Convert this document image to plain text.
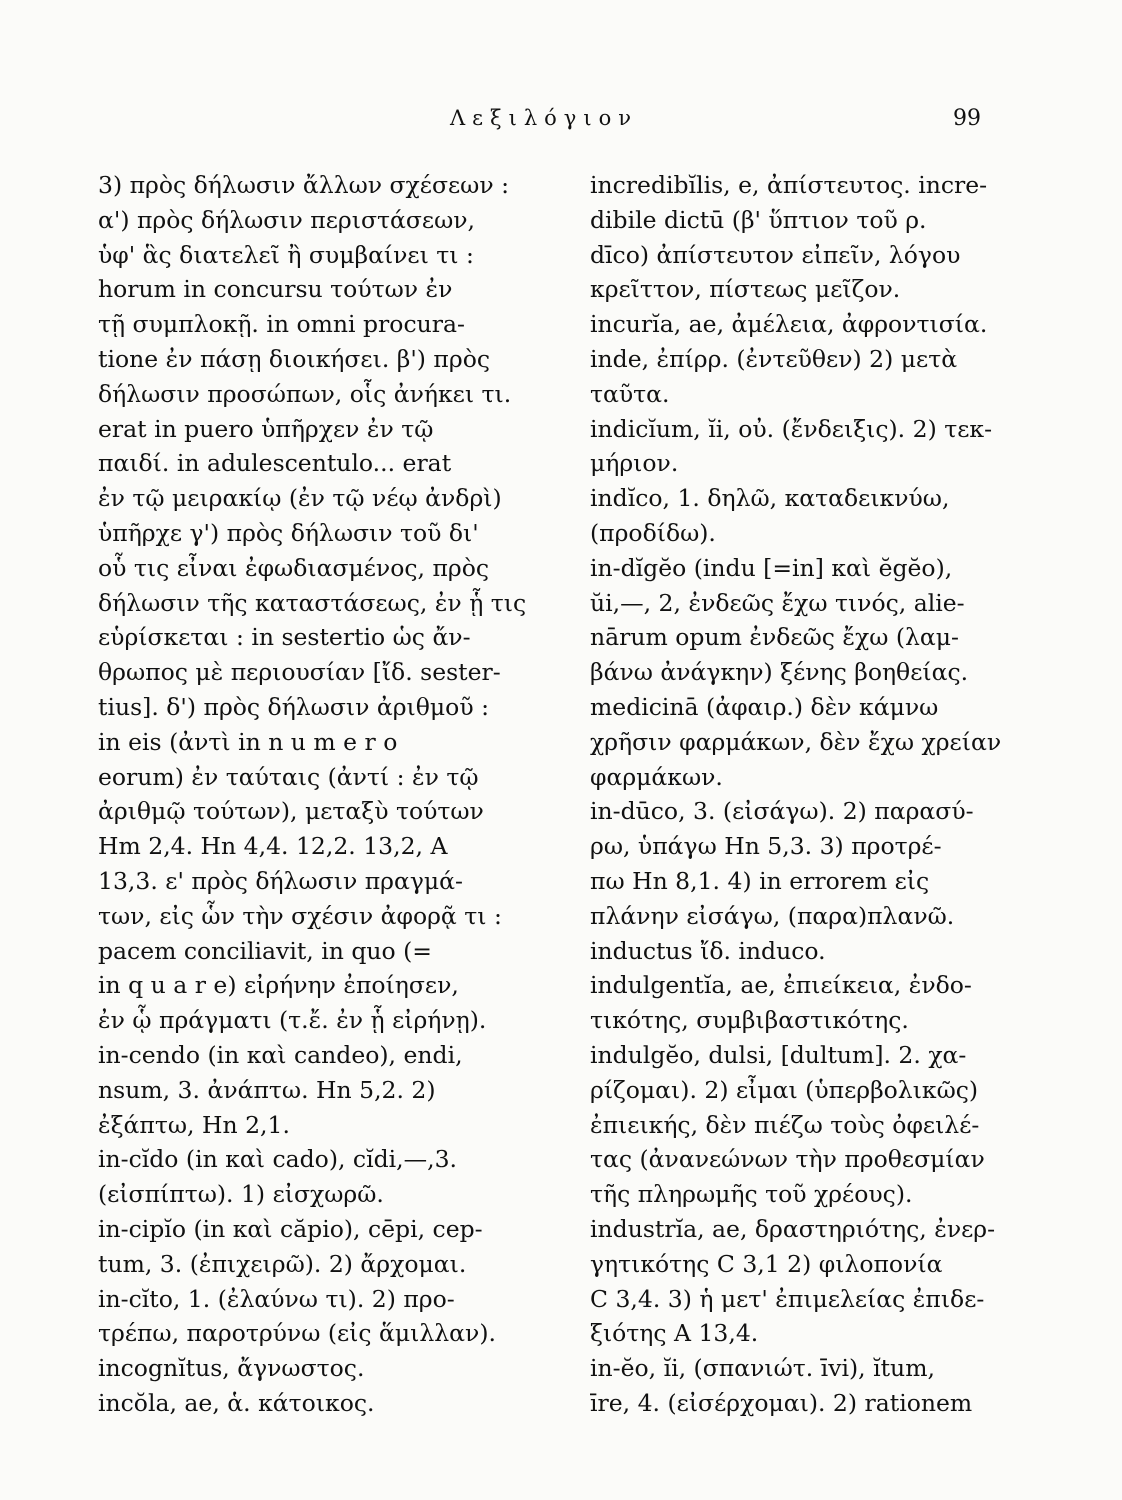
Λεξιλόγιον	99
3) πρὸς δήλωσιν ἄλλων σχέσεων :
α') πρὸς δήλωσιν περιστάσεων,
ὑφ' ἃς διατελεῖ ἢ συμβαίνει τι :
horum in concursu τούτων ἐν
τῇ συμπλοκῇ. in omni procura-
tione ἐν πάσῃ διοικήσει. β') πρὸς
δήλωσιν προσώπων, οἷς ἀνήκει τι.
erat in puero ὑπῆρχεν ἐν τῷ
παιδί. in adulescentulo... erat
ἐν τῷ μειρακίῳ (ἐν τῷ νέῳ ἀνδρὶ)
ὑπῆρχε γ') πρὸς δήλωσιν τοῦ δι'
οὗ τις εἶναι ἐφωδιασμένος, πρὸς
δήλωσιν τῆς καταστάσεως, ἐν ᾗ τις
εὑρίσκεται : in sestertio ὡς ἄν-
θρωπος μὲ περιουσίαν [ἴδ. sester-
tius]. δ') πρὸς δήλωσιν ἀριθμοῦ :
in eis (ἀντὶ in n u m e r o
eorum) ἐν ταύταις (ἀντί : ἐν τῷ
ἀριθμῷ τούτων), μεταξὺ τούτων
Hm 2,4. Hn 4,4. 12,2. 13,2, A
13,3. ε' πρὸς δήλωσιν πραγμά-
των, εἰς ὧν τὴν σχέσιν ἀφορᾷ τι :
pacem conciliavit, in quo (=
in q u a r e) εἰρήνην ἐποίησεν,
ἐν ᾧ πράγματι (τ.ἔ. ἐν ᾗ εἰρήνῃ).
in-cendo (in καὶ candeo), endi,
nsum, 3. ἀνάπτω. Hn 5,2. 2)
ἐξάπτω, Hn 2,1.
in-cĭdo (in καὶ cado), cĭdi,—,3.
(εἰσπίπτω). 1) εἰσχωρῶ.
in-cipĭo (in καὶ căpio), cēpi, cep-
tum, 3. (ἐπιχειρῶ). 2) ἄρχομαι.
in-cĭto, 1. (ἐλαύνω τι). 2) προ-
τρέπω, παροτρύνω (εἰς ἅμιλλαν).
incognĭtus, ἄγνωστος.
incŏla, ae, ἁ. κάτοικος.
incredibĭlis, e, ἀπίστευτος. incre-
dibile dictū (β' ὕπτιον τοῦ ρ.
dīco) ἀπίστευτον εἰπεῖν, λόγου
κρεῖττον, πίστεως μεῖζον.
incurĭa, ae, ἀμέλεια, ἀφροντισία.
inde, ἐπίρρ. (ἐντεῦθεν) 2) μετὰ
ταῦτα.
indicĭum, ĭi, οὐ. (ἔνδειξις). 2) τεκ-
μήριον.
indĭco, 1. δηλῶ, καταδεικνύω,
(προδίδω).
in-dĭgĕo (indu [=in] καὶ ĕgĕo),
ŭi,—, 2, ἐνδεῶς ἔχω τινός, alie-
nārum opum ἐνδεῶς ἔχω (λαμ-
βάνω ἀνάγκην) ξένης βοηθείας.
medicinā (ἀφαιρ.) δὲν κάμνω
χρῆσιν φαρμάκων, δὲν ἔχω χρείαν
φαρμάκων.
in-dūco, 3. (εἰσάγω). 2) παρασύ-
ρω, ὑπάγω Hn 5,3. 3) προτρέ-
πω Hn 8,1. 4) in errorem εἰς
πλάνην εἰσάγω, (παρα)πλανῶ.
inductus ἴδ. induco.
indulgentĭa, ae, ἐπιείκεια, ἐνδο-
τικότης, συμβιβαστικότης.
indulgĕo, dulsi, [dultum]. 2. χα-
ρίζομαι). 2) εἶμαι (ὑπερβολικῶς)
ἐπιεικής, δὲν πιέζω τοὺς ὀφειλέ-
τας (ἀνανεώνων τὴν προθεσμίαν
τῆς πληρωμῆς τοῦ χρέους).
industrĭa, ae, δραστηριότης, ἐνερ-
γητικότης C 3,1 2) φιλοπονία
C 3,4. 3) ἡ μετ' ἐπιμελείας ἐπιδε-
ξιότης A 13,4.
in-ĕo, ĭi, (σπανιώτ. īvi), ĭtum,
īre, 4. (εἰσέρχομαι). 2) rationem
